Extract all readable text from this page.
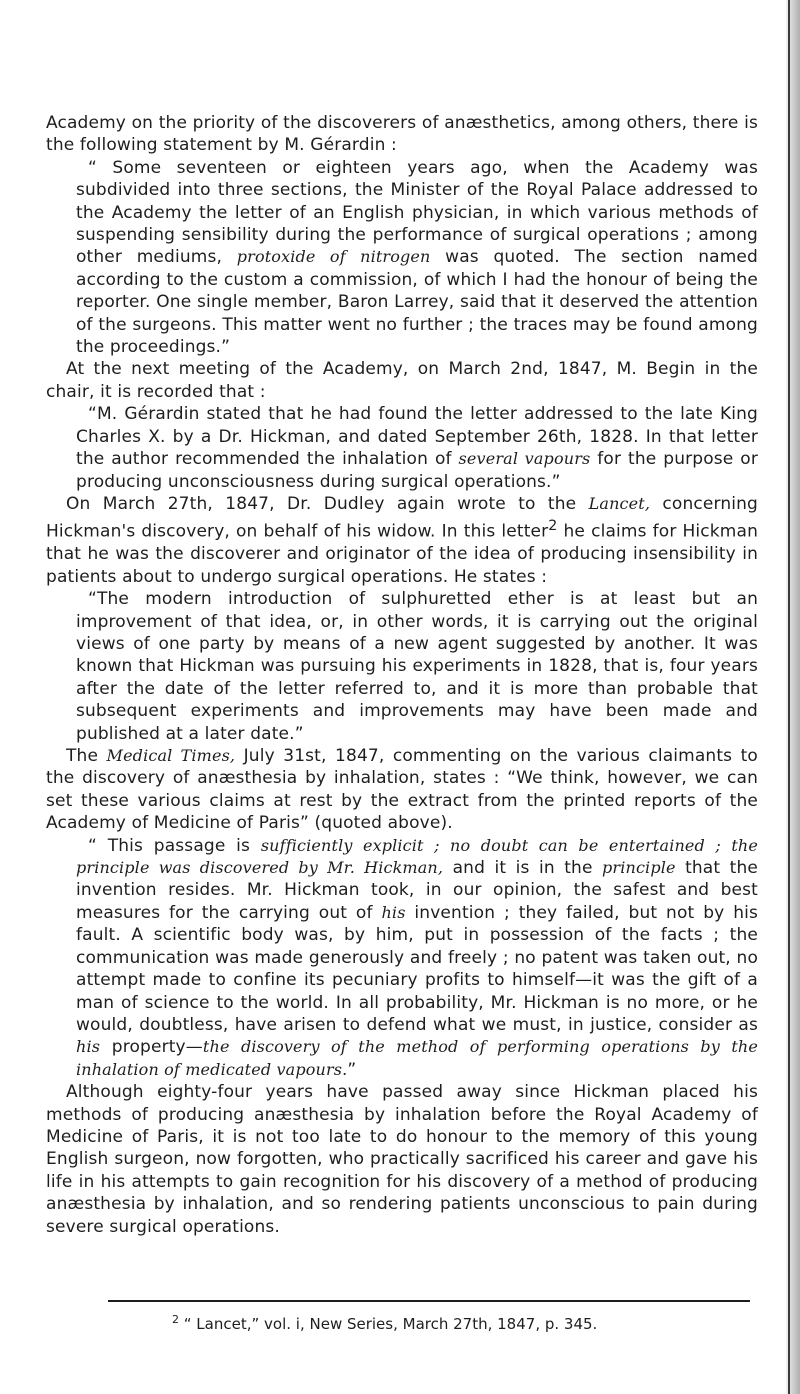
Academy on the priority of the discoverers of anæsthetics, among others, there is the following statement by M. Gérardin :

“ Some seventeen or eighteen years ago, when the Academy was subdivided into three sections, the Minister of the Royal Palace addressed to the Academy the letter of an English physician, in which various methods of suspending sensibility during the performance of surgical operations ; among other mediums, protoxide of nitrogen was quoted. The section named according to the custom a commission, of which I had the honour of being the reporter. One single member, Baron Larrey, said that it deserved the attention of the surgeons. This matter went no further ; the traces may be found among the proceedings.”

At the next meeting of the Academy, on March 2nd, 1847, M. Begin in the chair, it is recorded that :

“M. Gérardin stated that he had found the letter addressed to the late King Charles X. by a Dr. Hickman, and dated September 26th, 1828. In that letter the author recommended the inhalation of several vapours for the purpose or producing unconsciousness during surgical operations.”

On March 27th, 1847, Dr. Dudley again wrote to the Lancet, concerning Hickman's discovery, on behalf of his widow. In this letter$^2$ he claims for Hickman that he was the discoverer and originator of the idea of producing insensibility in patients about to undergo surgical operations. He states :

“The modern introduction of sulphuretted ether is at least but an improvement of that idea, or, in other words, it is carrying out the original views of one party by means of a new agent suggested by another. It was known that Hickman was pursuing his experiments in 1828, that is, four years after the date of the letter referred to, and it is more than probable that subsequent experiments and improvements may have been made and published at a later date.”

The Medical Times, July 31st, 1847, commenting on the various claimants to the discovery of anæsthesia by inhalation, states : “We think, however, we can set these various claims at rest by the extract from the printed reports of the Academy of Medicine of Paris” (quoted above).

“ This passage is sufficiently explicit ; no doubt can be entertained ; the principle was discovered by Mr. Hickman, and it is in the principle that the invention resides. Mr. Hickman took, in our opinion, the safest and best measures for the carrying out of his invention ; they failed, but not by his fault. A scientific body was, by him, put in possession of the facts ; the communication was made generously and freely ; no patent was taken out, no attempt made to confine its pecuniary profits to himself—it was the gift of a man of science to the world. In all probability, Mr. Hickman is no more, or he would, doubtless, have arisen to defend what we must, in justice, consider as his property—the discovery of the method of performing operations by the inhalation of medicated vapours.”

Although eighty-four years have passed away since Hickman placed his methods of producing anæsthesia by inhalation before the Royal Academy of Medicine of Paris, it is not too late to do honour to the memory of this young English surgeon, now forgotten, who practically sacrificed his career and gave his life in his attempts to gain recognition for his discovery of a method of producing anæsthesia by inhalation, and so rendering patients unconscious to pain during severe surgical operations.

$^2$ “ Lancet,” vol. i, New Series, March 27th, 1847, p. 345.
